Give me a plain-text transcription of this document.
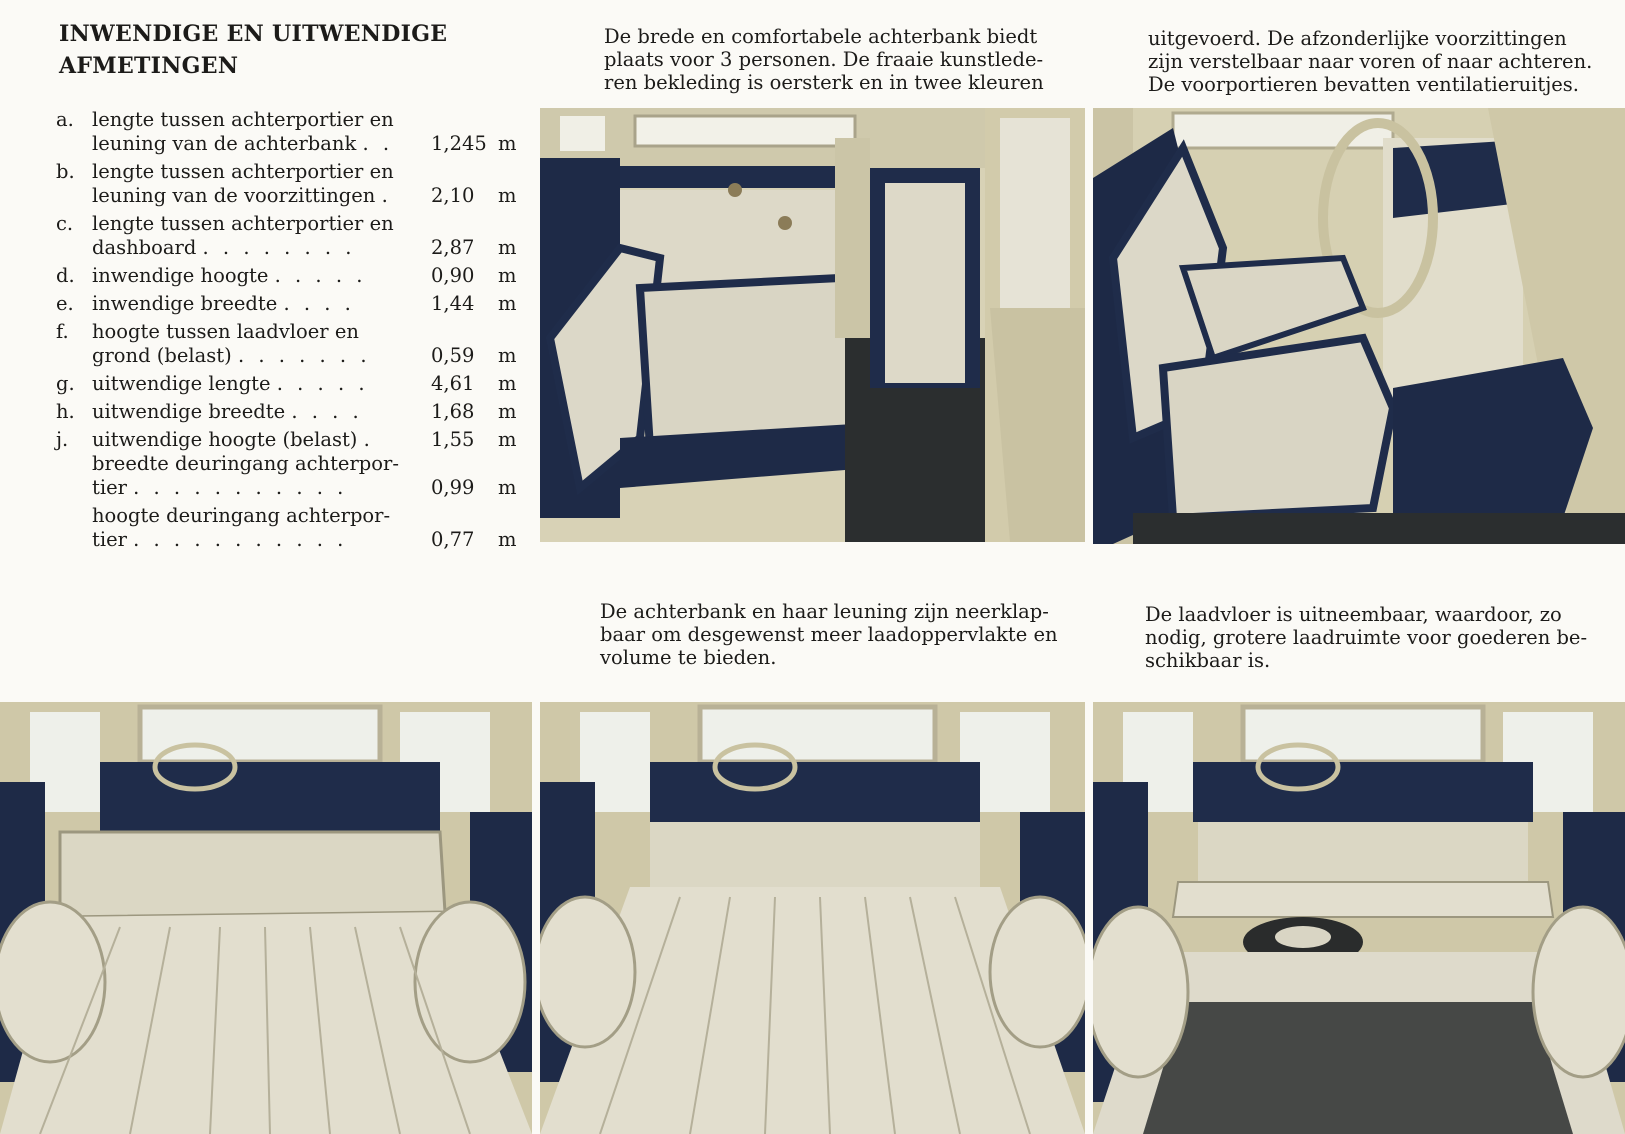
INWENDIGE EN UITWENDIGE
AFMETINGEN
a. lengte tussen achterportier en
leuning van de achterbank . .	1,245 m
b. lengte tussen achterportier en
leuning van de voorzittingen .	2,10	m
c. lengte tussen achterportier en
dashboard . . . . . . . .	2,87	m
d. inwendige hoogte . . . . .	0,90	m
e. inwendige breedte . . . .	1,44	m
f.	hoogte tussen laadvloer en
grond (belast) . . . . . . .	0,59	m
g. uitwendige lengte . . . . .	4,61	m
h. uitwendige breedte . . . .	1,68	m
j.	uitwendige hoogte (belast) .	1,55	m
breedte deuringang achterpor-
tier . . . . . . . . . . .	0,99	m
hoogte deuringang achterpor-
tier . . . . . . . . . . .	0,77	m
De brede en comfortabele achterbank biedt
plaats voor 3 personen. De fraaie kunstlede-
ren bekleding is oersterk en in twee kleuren
uitgevoerd. De afzonderlijke voorzittingen
zijn verstelbaar naar voren of naar achteren.
De voorportieren bevatten ventilatieruitjes.
De achterbank en haar leuning zijn neerklap-
baar om desgewenst meer laadoppervlakte en
volume te bieden.
De laadvloer is uitneembaar, waardoor, zo
nodig, grotere laadruimte voor goederen be-
schikbaar is.
